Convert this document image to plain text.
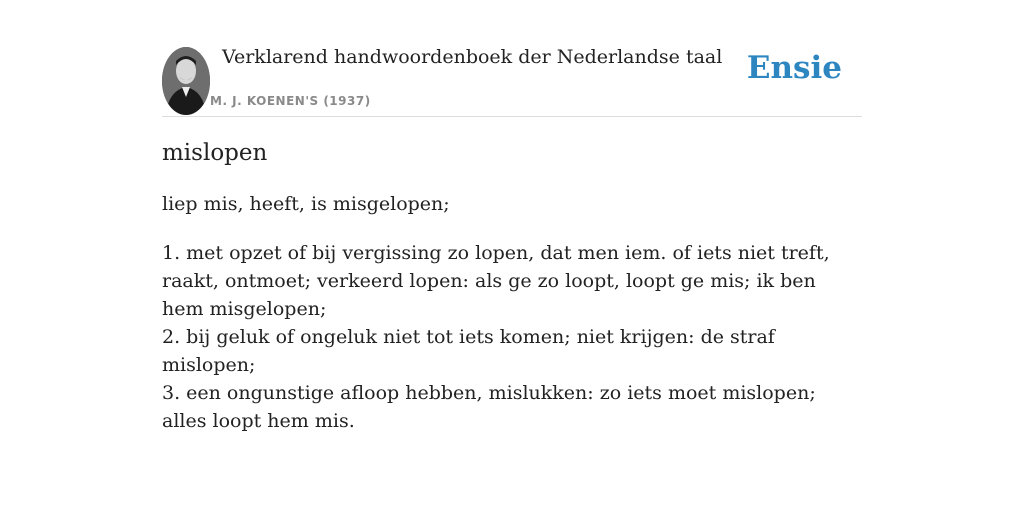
Verklarend handwoordenboek der Nederlandse taal
M. J. KOENEN'S (1937)
Ensie
mislopen
liep mis, heeft, is misgelopen;
1. met opzet of bij vergissing zo lopen, dat men iem. of iets niet treft, raakt, ontmoet; verkeerd lopen: als ge zo loopt, loopt ge mis; ik ben hem misgelopen;
2. bij geluk of ongeluk niet tot iets komen; niet krijgen: de straf mislopen;
3. een ongunstige afloop hebben, mislukken: zo iets moet mislopen; alles loopt hem mis.
